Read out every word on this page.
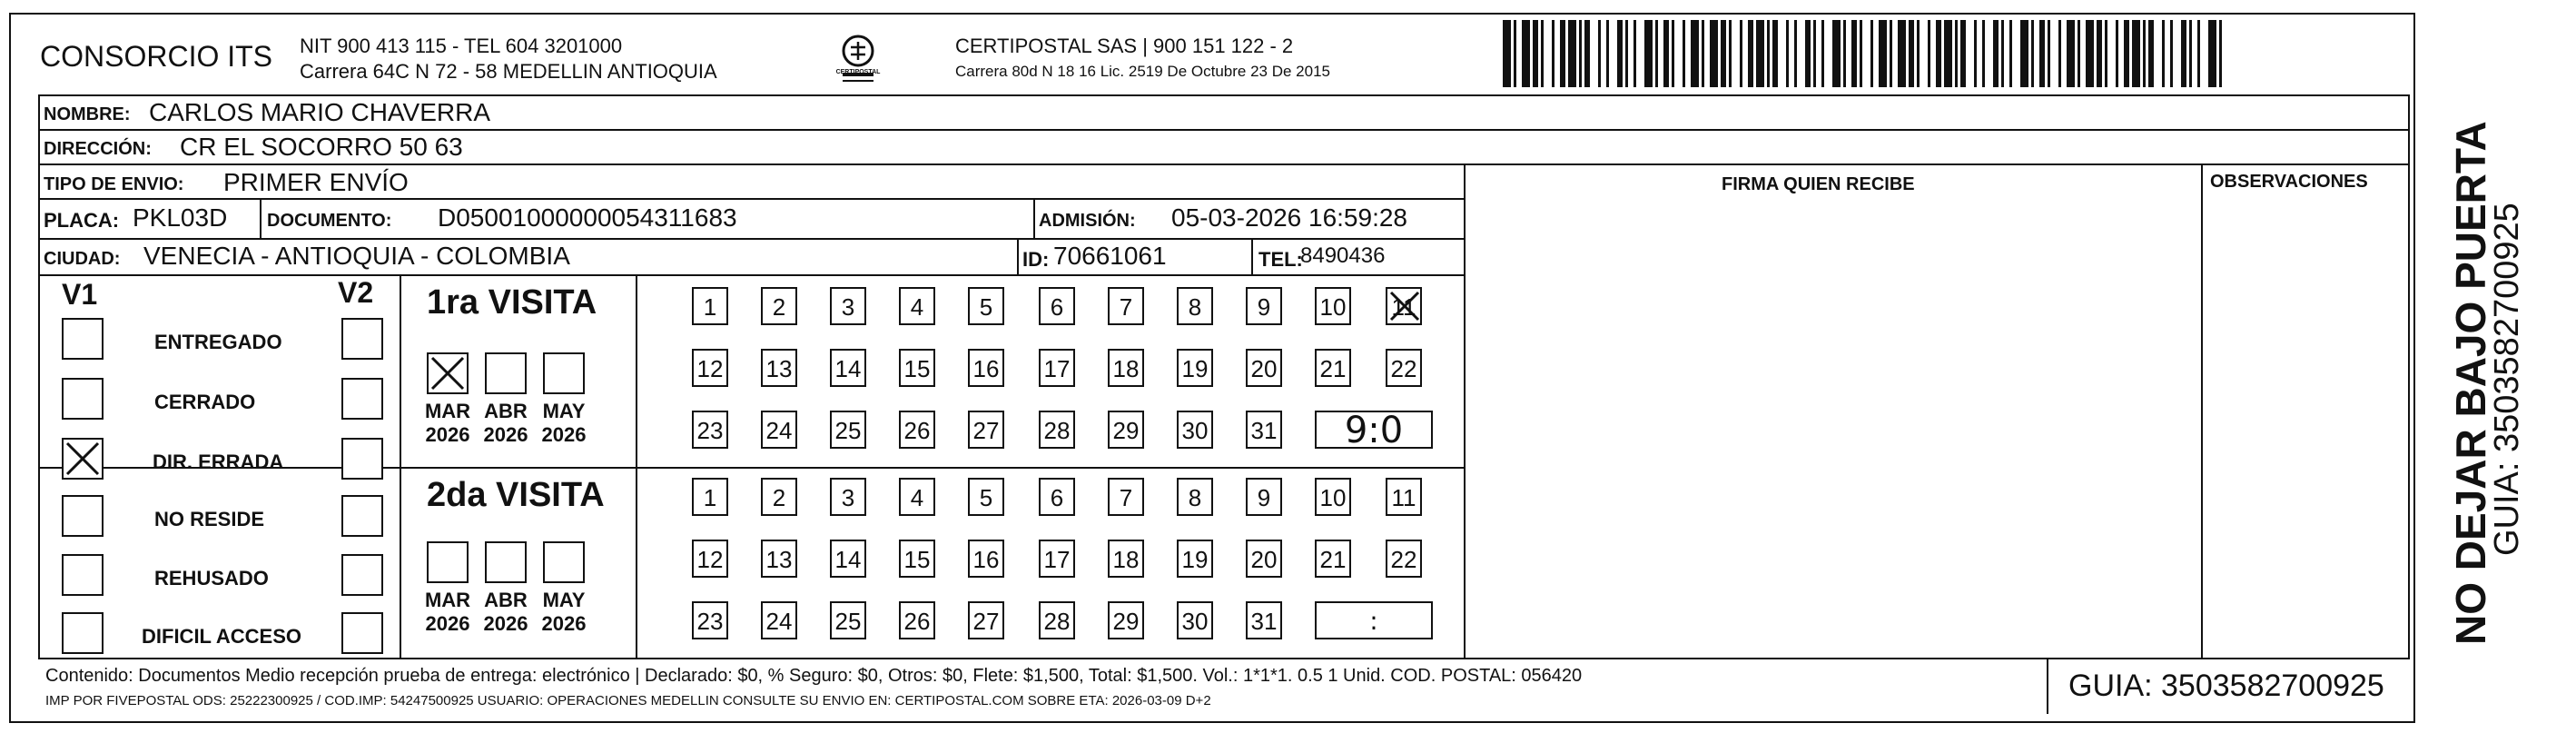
CONSORCIO ITS NIT 900 413 115 - TEL 604 3201000
Carrera 64C N 72 - 58 MEDELLIN ANTIOQUIA	CERTIPOSTAL
CERTIPOSTAL SAS | 900 151 122 - 2
Carrera 80d N 18 16 Lic. 2519 De Octubre 23 De 2015
NOMBRE: CARLOS MARIO CHAVERRA
DIRECCIÓN: CR EL SOCORRO 50 63
TIPO DE ENVIO: PRIMER ENVÍO	FIRMA QUIEN RECIBE	OBSERVACIONES
PLACA: PKL03D DOCUMENTO: D05001000000054311683	ADMISIÓN: 05-03-2026 16:59:28
CIUDAD: VENECIA - ANTIOQUIA - COLOMBIA	ID: 70661061	TEL:
8490436
V1	V2
ENTREGADO
CERRADO
DIR. ERRADA
NO RESIDE
REHUSADO
DIFICIL ACCESO
1ra VISITA
MAR
2026
ABR
2026
MAY
2026
1	2	3	4	5	6	7	8	9	10 11
12 13 14 15 16 17 18 19 20 21 22
23 24 25 26 27 28 29 30 31	9:0
2da VISITA
MAR
2026
ABR
2026
MAY
2026
1	2	3	4	5	6	7	8	9	10 11
12 13 14 15 16 17 18 19 20 21 22
23 24 25 26 27 28 29 30 31	:	NO DEJAR BAJO PUERTA
GUIA: 3503582700925
Contenido: Documentos Medio recepción prueba de entrega: electrónico | Declarado: $0, % Seguro: $0, Otros: $0, Flete: $1,500, Total: $1,500. Vol.: 1*1*1. 0.5 1 Unid. COD. POSTAL: 056420
IMP POR FIVEPOSTAL ODS: 25222300925 / COD.IMP: 54247500925 USUARIO: OPERACIONES MEDELLIN CONSULTE SU ENVIO EN: CERTIPOSTAL.COM SOBRE ETA: 2026-03-09 D+2	GUIA: 3503582700925
